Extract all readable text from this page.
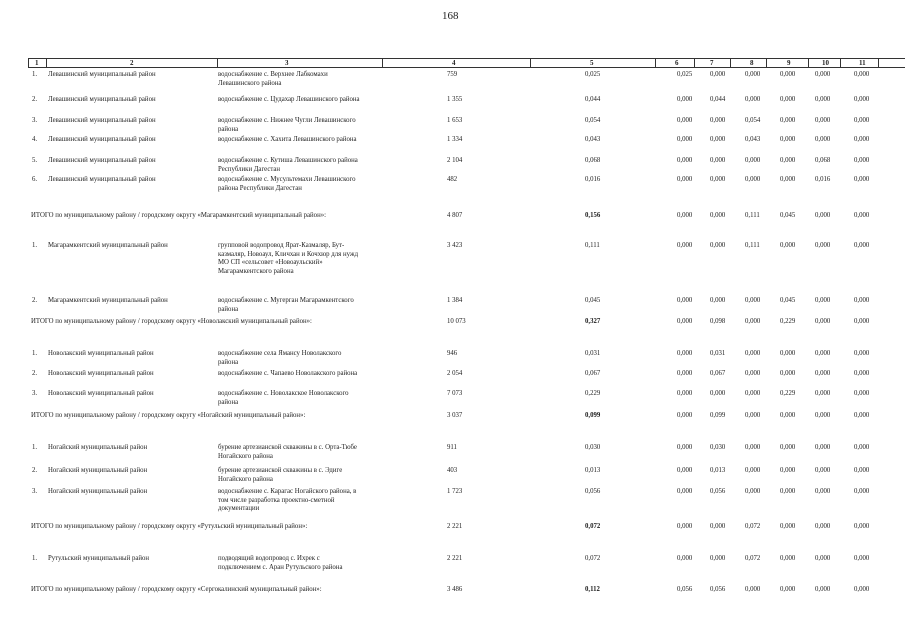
168
1	2	3	4	5	6	7	8	9	10	11
1. Левашинский муниципальный район	водоснабжение с. Верхнее Лабкомахи
Левашинского района
759	0,025	0,025	0,000	0,000	0,000	0,000	0,000
2. Левашинский муниципальный район	водоснабжение с. Цудахар Левашинского района	1 355	0,044	0,000	0,044	0,000	0,000	0,000	0,000
3. Левашинский муниципальный район	водоснабжение с. Нижнее Чугли Левашинского
района
1 653	0,054	0,000	0,000	0,054	0,000	0,000	0,000
4. Левашинский муниципальный район	водоснабжение с. Хахита Левашинского района	1 334	0,043	0,000	0,000	0,043	0,000	0,000	0,000
5. Левашинский муниципальный район	водоснабжение с. Кутиша Левашинского района
Республики Дагестан
2 104	0,068	0,000	0,000	0,000	0,000	0,068	0,000
6. Левашинский муниципальный район	водоснабжение с. Мусультемахи Левашинского
района Республики Дагестан
482	0,016	0,000	0,000	0,000	0,000	0,016	0,000
ИТОГО по муниципальному району / городскому округу «Магарамкентский муниципальный район»:	4 807	0,156	0,000	0,000	0,111	0,045	0,000	0,000
1. Магарамкентский муниципальный район	групповой водопровод Ярат-Казмаляр, Бут-
казмаляр, Новоаул, Кличхан и Кочхюр для нужд
МО СП «сельсовет «Новоаульский»
Магарамкентского района
3 423	0,111	0,000	0,000	0,111	0,000	0,000	0,000
2. Магарамкентский муниципальный район	водоснабжение с. Мугерган Магарамкентского
района
1 384	0,045	0,000	0,000	0,000	0,045	0,000	0,000
ИТОГО по муниципальному району / городскому округу «Новолакский муниципальный район»:	10 073	0,327	0,000	0,098	0,000	0,229	0,000	0,000
1. Новолакский муниципальный район	водоснабжение села Ямансу Новолакского
района
946	0,031	0,000	0,031	0,000	0,000	0,000	0,000
2. Новолакский муниципальный район	водоснабжение с. Чапаево Новолакского района	2 054	0,067	0,000	0,067	0,000	0,000	0,000	0,000
3. Новолакский муниципальный район	водоснабжение с. Новолакское Новолакского
района
7 073	0,229	0,000	0,000	0,000	0,229	0,000	0,000
ИТОГО по муниципальному району / городскому округу «Ногайский муниципальный район»:	3 037	0,099	0,000	0,099	0,000	0,000	0,000	0,000
1. Ногайский муниципальный район	бурение артезианской скважины в с. Орта-Тюбе
Ногайского района
911	0,030	0,000	0,030	0,000	0,000	0,000	0,000
2. Ногайский муниципальный район	бурение артезианской скважины в с. Эдиге
Ногайского района
403	0,013	0,000	0,013	0,000	0,000	0,000	0,000
3. Ногайский муниципальный район	водоснабжение с. Карагас Ногайского района, в
том числе разработка проектно-сметной
документации
1 723	0,056	0,000	0,056	0,000	0,000	0,000	0,000
ИТОГО по муниципальному району / городскому округу «Рутульский муниципальный район»:	2 221	0,072	0,000	0,000	0,072	0,000	0,000	0,000
1. Рутульский муниципальный район	подводящий водопровод с. Ихрек с
подключением с. Аран Рутульского района
2 221	0,072	0,000	0,000	0,072	0,000	0,000	0,000
ИТОГО по муниципальному району / городскому округу «Сергокалинский муниципальный район»:	3 486	0,112	0,056	0,056	0,000	0,000	0,000	0,000
